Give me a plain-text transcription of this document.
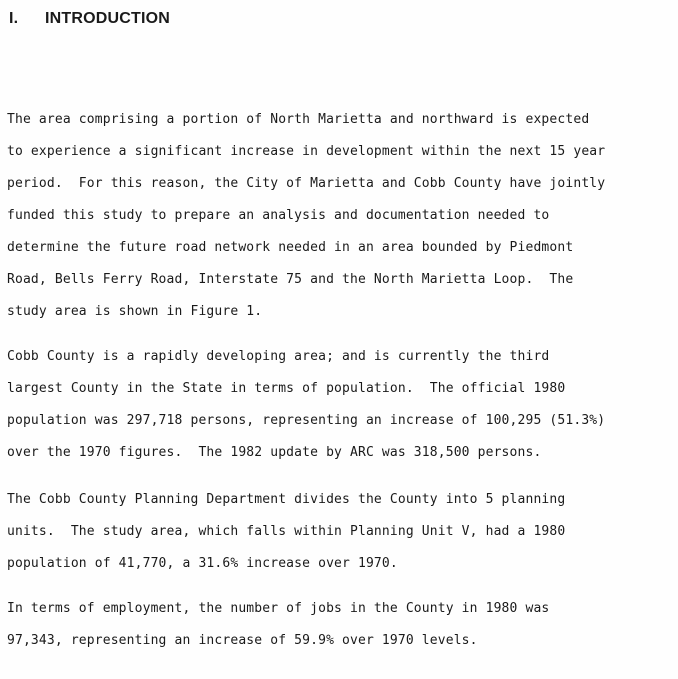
I. INTRODUCTION
The area comprising a portion of North Marietta and northward is expected
to experience a significant increase in development within the next 15 year
period.  For this reason, the City of Marietta and Cobb County have jointly
funded this study to prepare an analysis and documentation needed to
determine the future road network needed in an area bounded by Piedmont
Road, Bells Ferry Road, Interstate 75 and the North Marietta Loop.  The
study area is shown in Figure 1.
Cobb County is a rapidly developing area; and is currently the third
largest County in the State in terms of population.  The official 1980
population was 297,718 persons, representing an increase of 100,295 (51.3%)
over the 1970 figures.  The 1982 update by ARC was 318,500 persons.
The Cobb County Planning Department divides the County into 5 planning
units.  The study area, which falls within Planning Unit V, had a 1980
population of 41,770, a 31.6% increase over 1970.
In terms of employment, the number of jobs in the County in 1980 was
97,343, representing an increase of 59.9% over 1970 levels.
